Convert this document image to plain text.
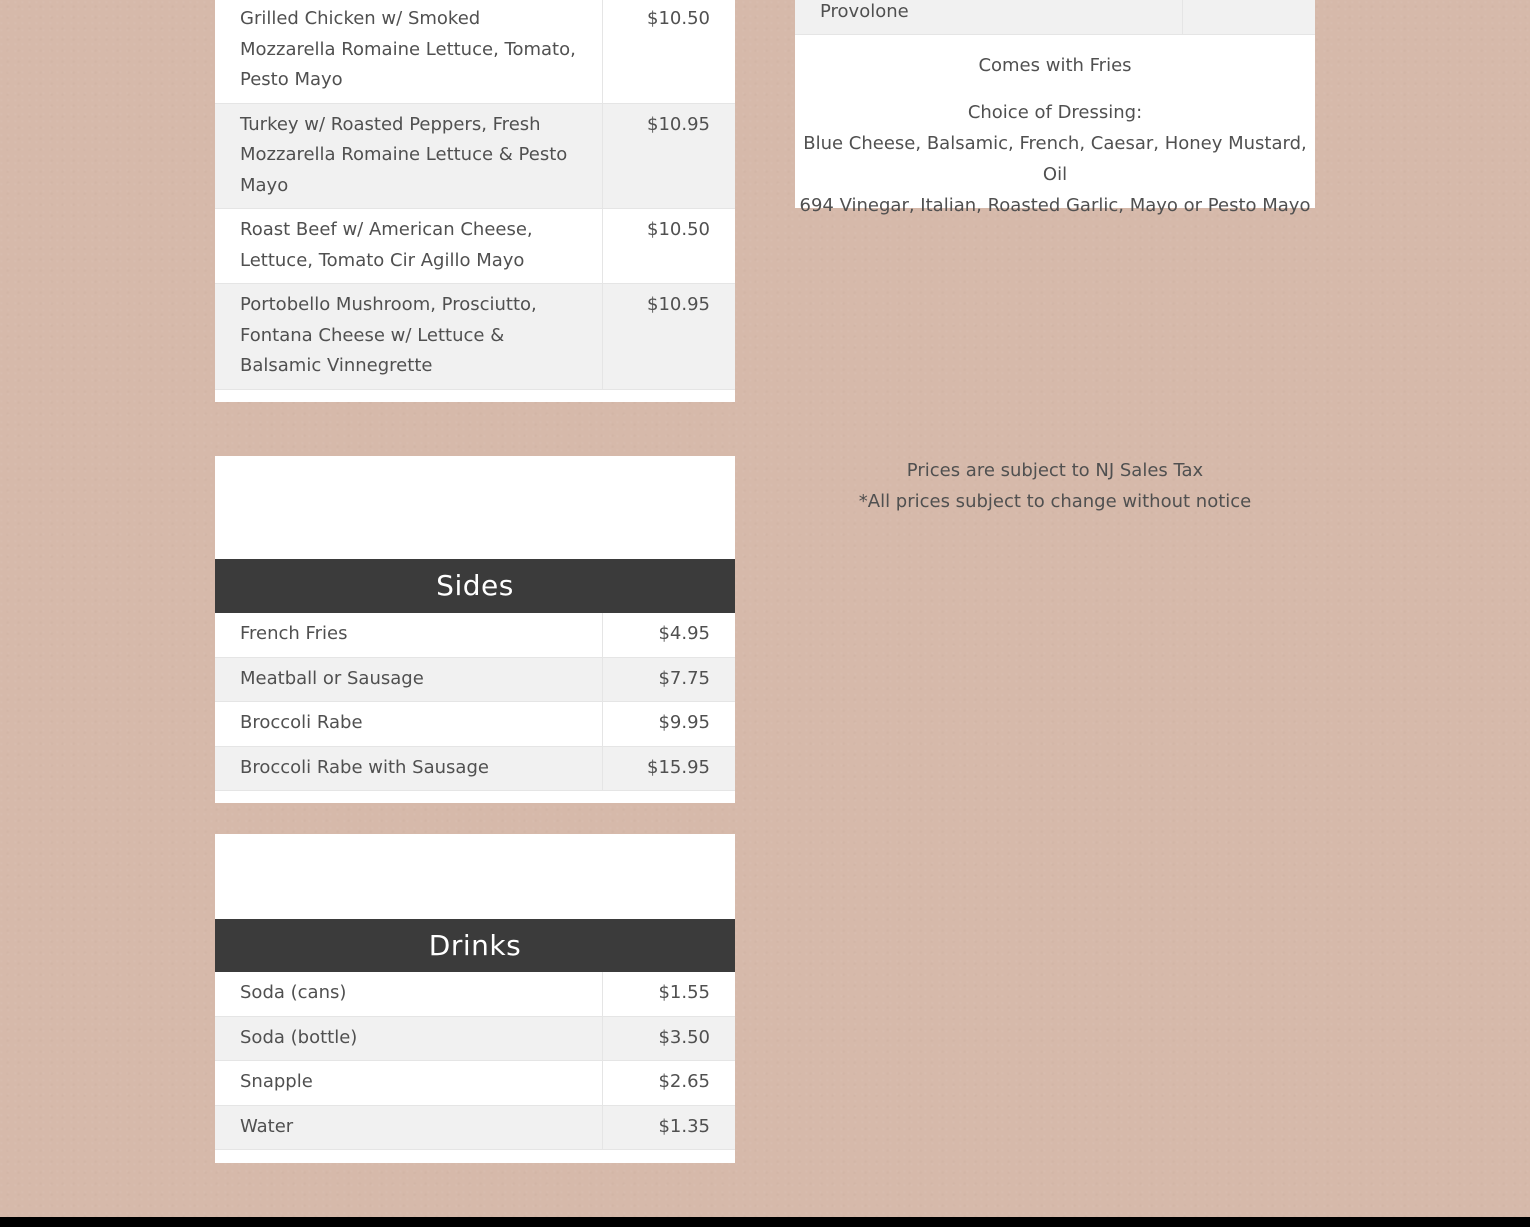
Grilled Chicken w/ Smoked Mozzarella Romaine Lettuce, Tomato, Pesto Mayo	$10.50
Turkey w/ Roasted Peppers, Fresh Mozzarella Romaine Lettuce & Pesto Mayo	$10.95
Roast Beef w/ American Cheese, Lettuce, Tomato Cir Agillo Mayo	$10.50
Portobello Mushroom, Prosciutto, Fontana Cheese w/ Lettuce & Balsamic Vinnegrette	$10.95
Provolone	

Comes with Fries

Choice of Dressing:

Blue Cheese, Balsamic, French, Caesar, Honey Mustard, Oil

694 Vinegar, Italian, Roasted Garlic, Mayo or Pesto Mayo

Sides
French Fries	$4.95
Meatball or Sausage	$7.75
Broccoli Rabe	$9.95
Broccoli Rabe with Sausage	$15.95
Drinks
Soda (cans)	$1.55
Soda (bottle)	$3.50
Snapple	$2.65
Water	$1.35

Prices are subject to NJ Sales Tax

*All prices subject to change without notice
